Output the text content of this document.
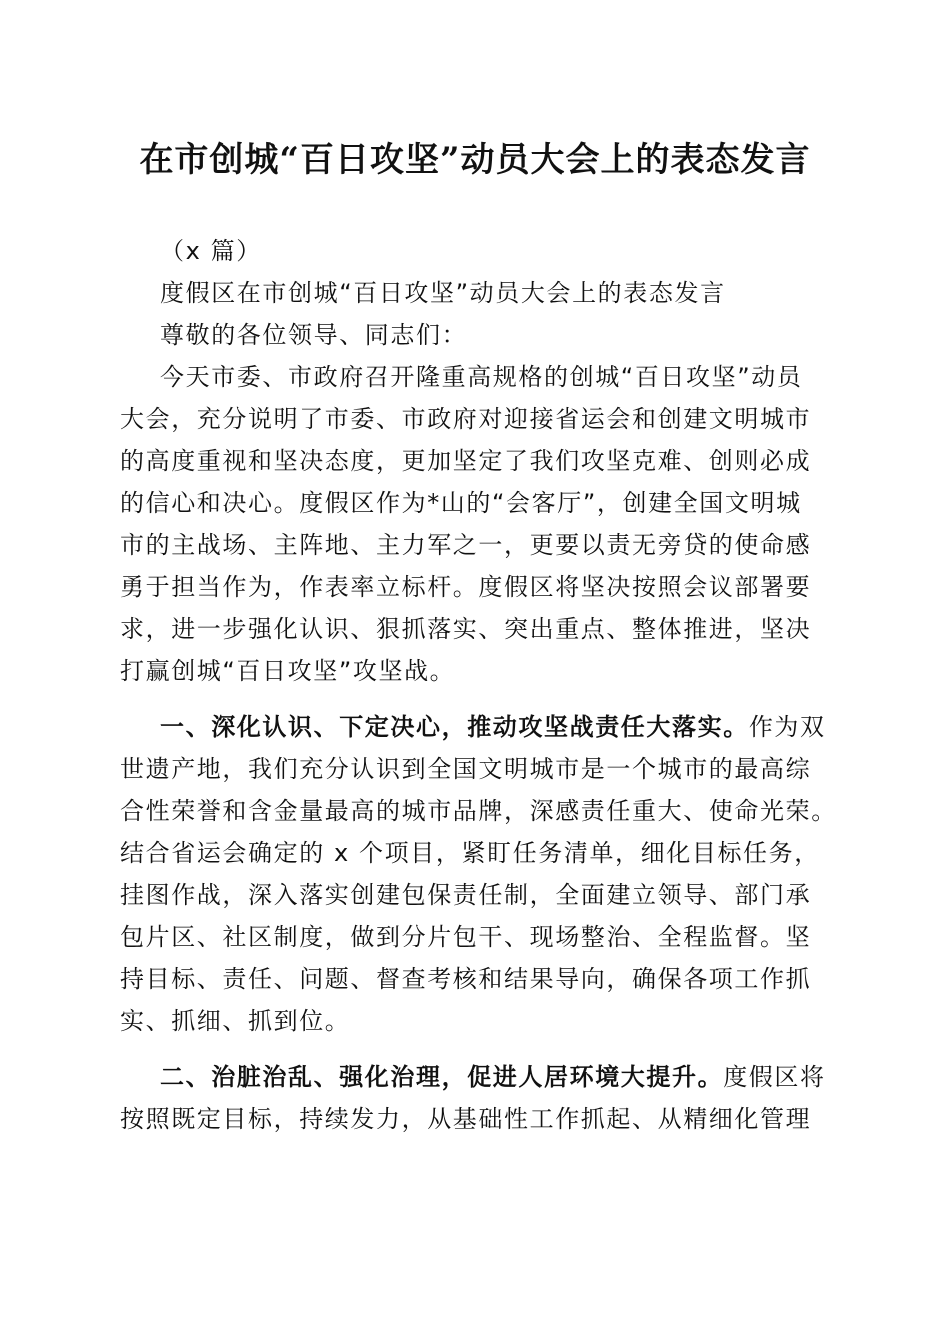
在市创城“百日攻坚”动员大会上的表态发言
（x 篇）
度假区在市创城“百日攻坚”动员大会上的表态发言
尊敬的各位领导、同志们：
今天市委、市政府召开隆重高规格的创城“百日攻坚”动员
大会，充分说明了市委、市政府对迎接省运会和创建文明城市
的高度重视和坚决态度，更加坚定了我们攻坚克难、创则必成
的信心和决心。度假区作为*山的“会客厅”，创建全国文明城
市的主战场、主阵地、主力军之一，更要以责无旁贷的使命感
勇于担当作为，作表率立标杆。度假区将坚决按照会议部署要
求，进一步强化认识、狠抓落实、突出重点、整体推进，坚决
打赢创城“百日攻坚”攻坚战。
一、深化认识、下定决心，推动攻坚战责任大落实。作为双
世遗产地，我们充分认识到全国文明城市是一个城市的最高综
合性荣誉和含金量最高的城市品牌，深感责任重大、使命光荣。
结合省运会确定的 x 个项目，紧盯任务清单，细化目标任务，
挂图作战，深入落实创建包保责任制，全面建立领导、部门承
包片区、社区制度，做到分片包干、现场整治、全程监督。坚
持目标、责任、问题、督查考核和结果导向，确保各项工作抓
实、抓细、抓到位。
二、治脏治乱、强化治理，促进人居环境大提升。度假区将
按照既定目标，持续发力，从基础性工作抓起、从精细化管理
